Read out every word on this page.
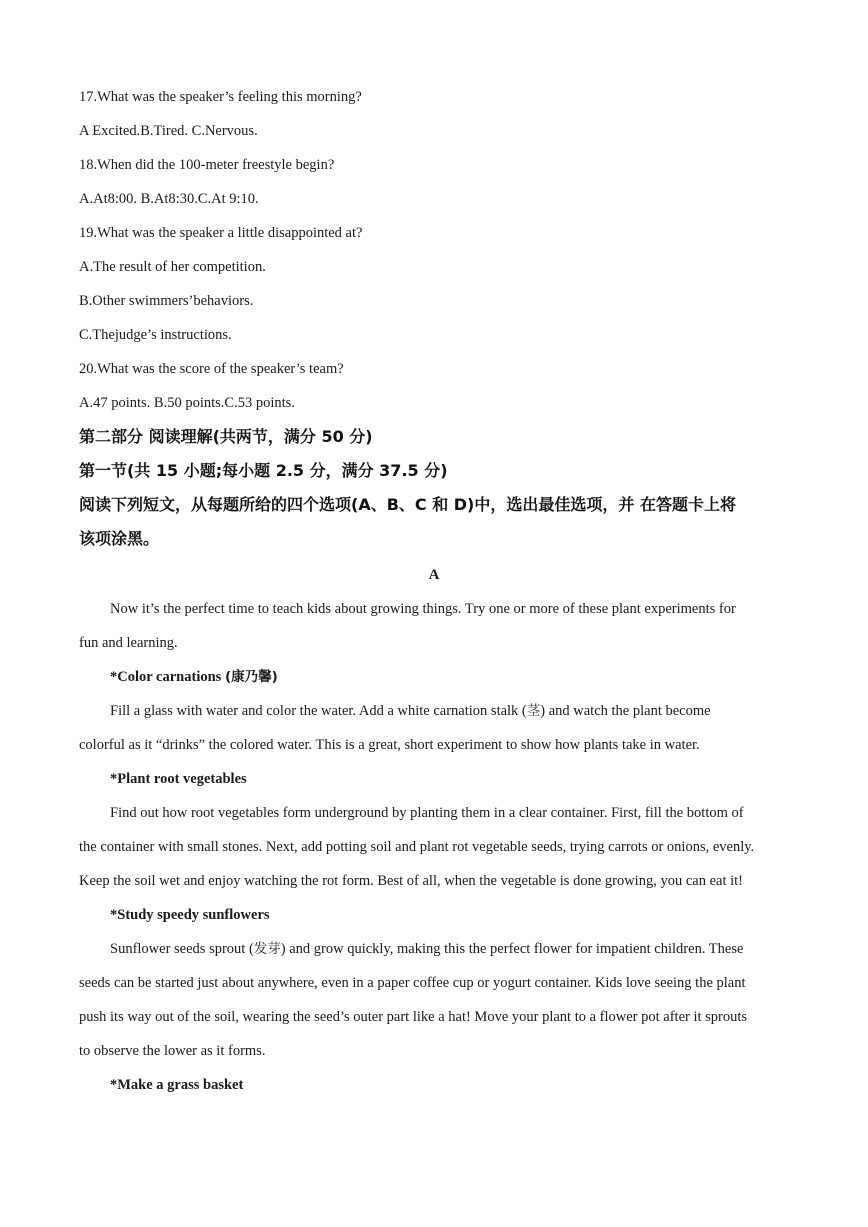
17.What was the speaker’s feeling this morning?
A Excited.B.Tired. C.Nervous.
18.When did the 100-meter freestyle begin?
A.At8:00. B.At8:30.C.At 9:10.
19.What was the speaker a little disappointed at?
A.The result of her competition.
B.Other swimmers’behaviors.
C.Thejudge’s instructions.
20.What was the score of the speaker’s team?
A.47 points. B.50 points.C.53 points.
第二部分 阅读理解(共两节，满分 50 分)
第一节(共 15 小题;每小题 2.5 分，满分 37.5 分)
阅读下列短文，从每题所给的四个选项(A、B、C 和 D)中，选出最佳选项，并 在答题卡上将
该项涂黑。
A
Now it’s the perfect time to teach kids about growing things. Try one or more of these plant experiments for
fun and learning.
*Color carnations (康乃馨)
Fill a glass with water and color the water. Add a white carnation stalk (茎) and watch the plant become
colorful as it “drinks” the colored water. This is a great, short experiment to show how plants take in water.
*Plant root vegetables
Find out how root vegetables form underground by planting them in a clear container. First, fill the bottom of
the container with small stones. Next, add potting soil and plant rot vegetable seeds, trying carrots or onions, evenly.
Keep the soil wet and enjoy watching the rot form. Best of all, when the vegetable is done growing, you can eat it!
*Study speedy sunflowers
Sunflower seeds sprout (发芽) and grow quickly, making this the perfect flower for impatient children. These
seeds can be started just about anywhere, even in a paper coffee cup or yogurt container. Kids love seeing the plant
push its way out of the soil, wearing the seed’s outer part like a hat! Move your plant to a flower pot after it sprouts
to observe the lower as it forms.
*Make a grass basket
